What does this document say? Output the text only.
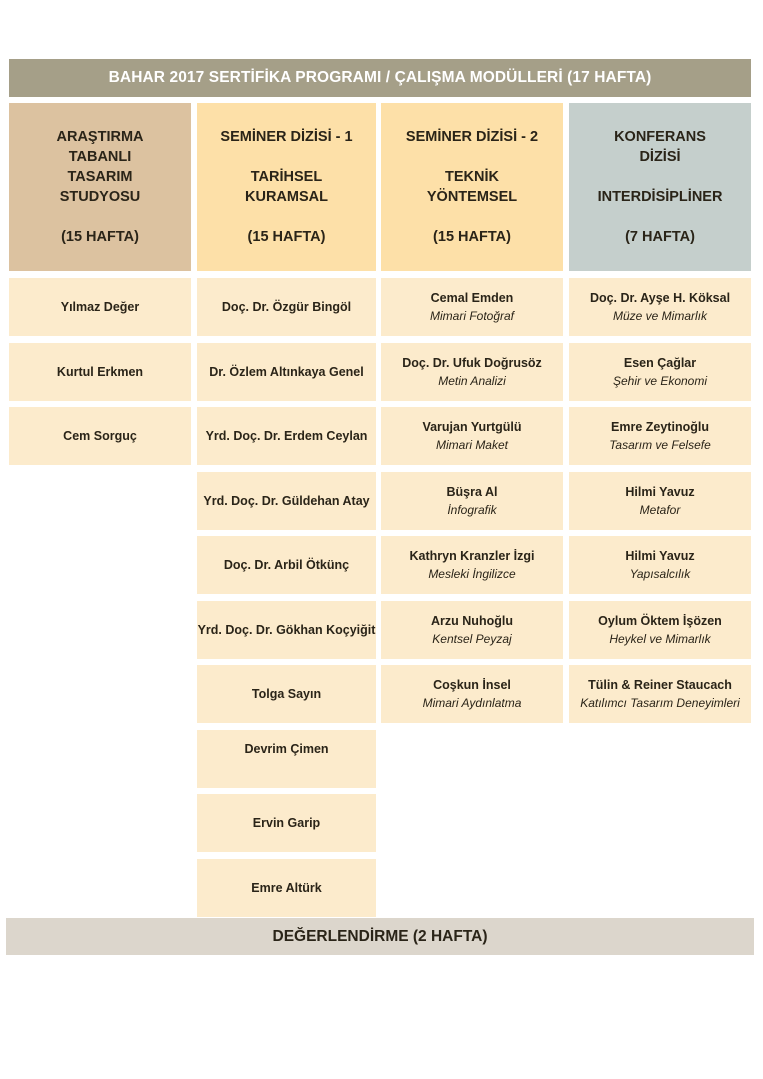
BAHAR 2017 SERTİFİKA PROGRAMI / ÇALIŞMA MODÜLLERİ (17 HAFTA)
ARAŞTIRMA
TABANLI
TASARIM
STUDYOSU

(15 HAFTA)
Yılmaz Değer
Kurtul Erkmen
Cem Sorguç
SEMİNER DİZİSİ - 1

TARİHSEL
KURAMSAL

(15 HAFTA)
Doç. Dr. Özgür Bingöl
Dr. Özlem Altınkaya Genel
Yrd. Doç. Dr. Erdem Ceylan
Yrd. Doç. Dr. Güldehan Atay
Doç. Dr. Arbil Ötkünç
Yrd. Doç. Dr. Gökhan Koçyiğit
Tolga Sayın
Devrim Çimen
Ervin Garip
Emre Altürk
SEMİNER DİZİSİ - 2

TEKNİK
YÖNTEMSEL

(15 HAFTA)
Cemal Emden
Mimari Fotoğraf
Doç. Dr. Ufuk Doğrusöz
Metin Analizi
Varujan Yurtgülü
Mimari Maket
Büşra Al
İnfografik
Kathryn Kranzler İzgi
Mesleki İngilizce
Arzu Nuhoğlu
Kentsel Peyzaj
Coşkun İnsel
Mimari Aydınlatma
KONFERANS
DİZİSİ

INTERDİSİPLİNER

(7 HAFTA)
Doç. Dr. Ayşe H. Köksal
Müze ve Mimarlık
Esen Çağlar
Şehir ve Ekonomi
Emre Zeytinoğlu
Tasarım ve Felsefe
Hilmi Yavuz
Metafor
Hilmi Yavuz
Yapısalcılık
Oylum Öktem İşözen
Heykel ve Mimarlık
Tülin & Reiner Staucach
Katılımcı Tasarım Deneyimleri
DEĞERLENDİRME (2 HAFTA)
